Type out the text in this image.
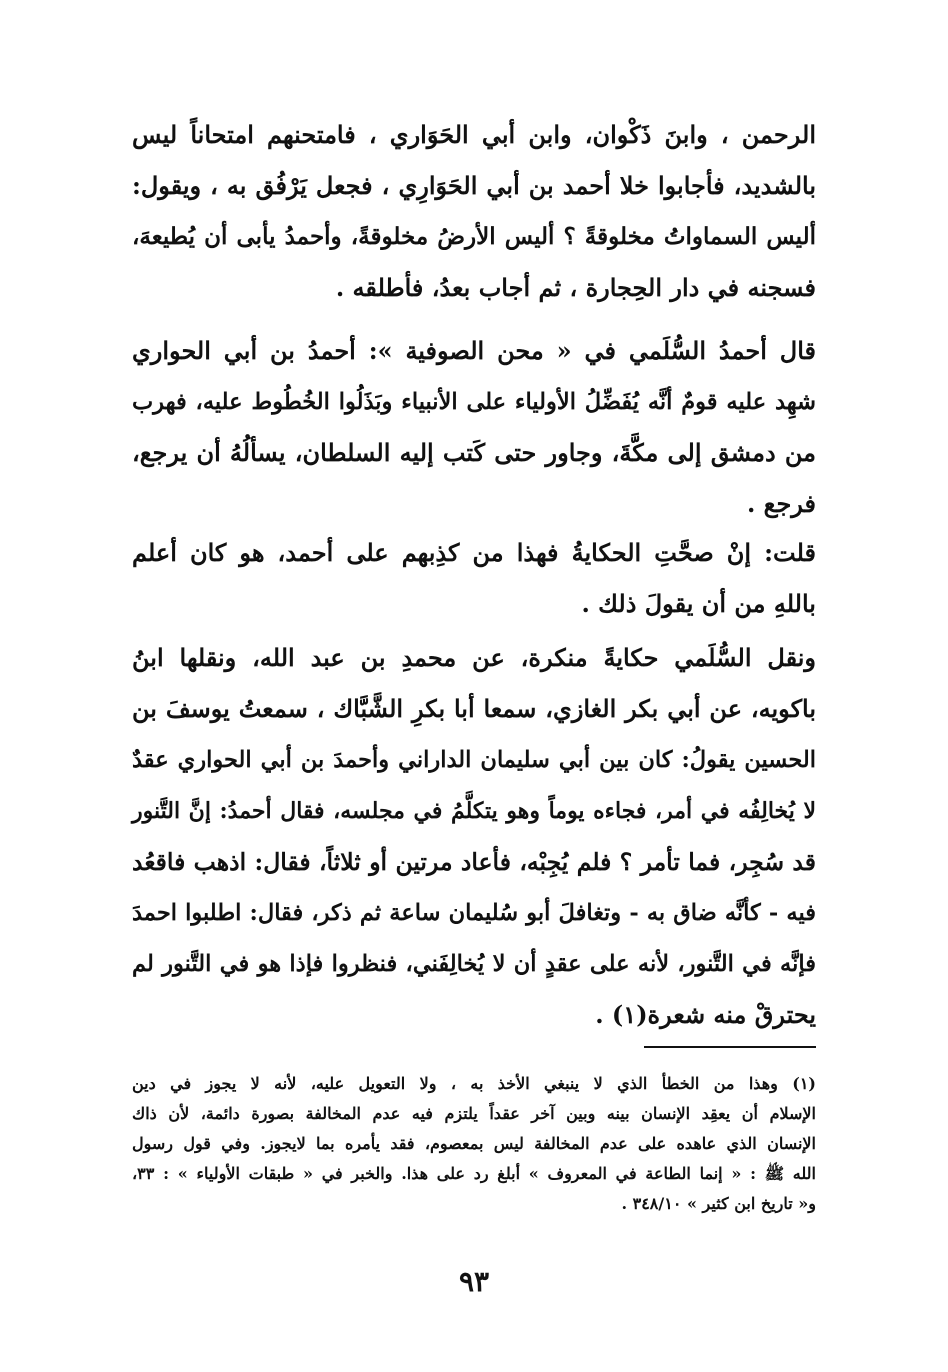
الرحمن ، وابنَ ذَكْوان، وابن أبي الحَوَاري ، فامتحنهم امتحاناً ليس

بالشديد، فأجابوا خلا أحمد بن أبي الحَوَارِي ، فجعل يَرْفُق به ، ويقول:

أليس السماواتُ مخلوقةً ؟ أليس الأرضُ مخلوقةً، وأحمدُ يأبى أن يُطيعهَ،

فسجنه في دار الحِجارة ، ثم أجاب بعدُ، فأطلقه .

قال أحمدُ السُّلَمي في « محن الصوفية »: أحمدُ بن أبي الحواري

شهِد عليه قومٌ أنَّه يُفَضِّلُ الأولياء على الأنبياء وبَذَلُوا الخُطُوط عليه، فهرب

من دمشق إلى مكَّةَ، وجاور حتى كَتب إليه السلطان، يسألُهُ أن يرجع،

فرجع .

قلت: إنْ صحَّتِ الحكايةُ فهذا من كذِبهم على أحمد، هو كان أعلم

باللهِ من أن يقولَ ذلك .

ونقل السُّلَمي حكايةً منكرة، عن محمدِ بن عبد الله، ونقلها ابنُ

باكويه، عن أبي بكر الغازي، سمعا أبا بكرِ الشَّبَّاك ، سمعتُ يوسفَ بن

الحسين يقولُ: كان بين أبي سليمان الداراني وأحمدَ بن أبي الحواري عقدٌ

لا يُخالِفُه في أمر، فجاءه يوماً وهو يتكلَّمُ في مجلسه، فقال أحمدُ: إنَّ التَّنور

قد سُجِر، فما تأمر ؟ فلم يُجِبْه، فأعاد مرتين أو ثلاثاً، فقال: اذهب فاقعُد

فيه - كأنَّه ضاق به - وتغافلَ أبو سُليمان ساعة ثم ذكر، فقال: اطلبوا احمدَ

فإنَّه في التَّنور، لأنه على عقدٍ أن لا يُخالِفَني، فنظروا فإذا هو في التَّنور لم

يحترقْ منه شعرة(١) .

(١) وهذا من الخطأ الذي لا ينبغي الأخذ به ، ولا التعويل عليه، لأنه لا يجوز في دين

الإسلام أن يعقِد الإنسان بينه وبين آخر عقداً يلتزم فيه عدم المخالفة بصورة دائمة، لأن ذاك

الإنسان الذي عاهده على عدم المخالفة ليس بمعصوم، فقد يأمره بما لايجوز. وفي قول رسول

الله ﷺ : « إنما الطاعة في المعروف » أبلغ رد على هذا. والخبر في « طبقات الأولياء » : ٣٣،

و« تاريخ ابن كثير » ٣٤٨/١٠ .

٩٣
